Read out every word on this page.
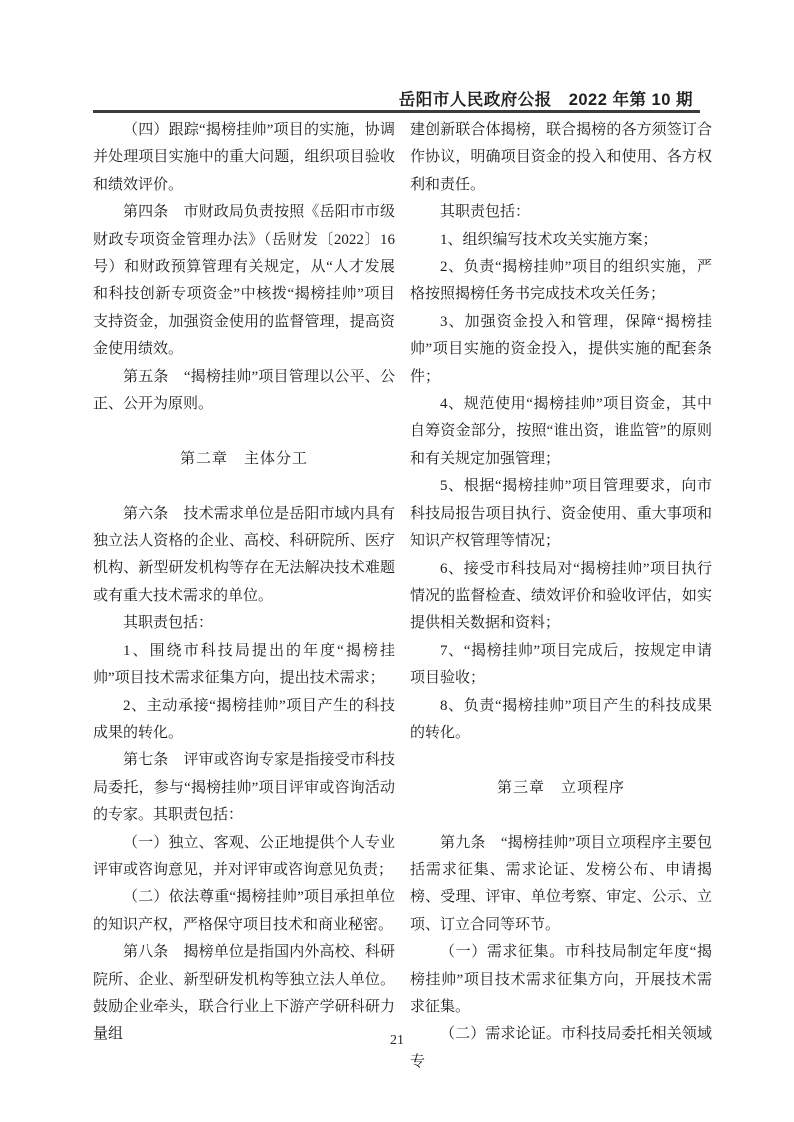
岳阳市人民政府公报　2022 年第 10 期

（四）跟踪“揭榜挂帅”项目的实施，协调并处理项目实施中的重大问题，组织项目验收和绩效评价。

第四条　市财政局负责按照《岳阳市市级财政专项资金管理办法》（岳财发〔2022〕16 号）和财政预算管理有关规定，从“人才发展和科技创新专项资金”中核拨“揭榜挂帅”项目支持资金，加强资金使用的监督管理，提高资金使用绩效。

第五条　“揭榜挂帅”项目管理以公平、公正、公开为原则。

第二章　主体分工

第六条　技术需求单位是岳阳市域内具有独立法人资格的企业、高校、科研院所、医疗机构、新型研发机构等存在无法解决技术难题或有重大技术需求的单位。

其职责包括：

1、围绕市科技局提出的年度“揭榜挂帅”项目技术需求征集方向，提出技术需求；

2、主动承接“揭榜挂帅”项目产生的科技成果的转化。

第七条　评审或咨询专家是指接受市科技局委托，参与“揭榜挂帅”项目评审或咨询活动的专家。其职责包括：

（一）独立、客观、公正地提供个人专业评审或咨询意见，并对评审或咨询意见负责；

（二）依法尊重“揭榜挂帅”项目承担单位的知识产权，严格保守项目技术和商业秘密。

第八条　揭榜单位是指国内外高校、科研院所、企业、新型研发机构等独立法人单位。鼓励企业牵头，联合行业上下游产学研科研力量组

建创新联合体揭榜，联合揭榜的各方须签订合作协议，明确项目资金的投入和使用、各方权利和责任。

其职责包括：

1、组织编写技术攻关实施方案；

2、负责“揭榜挂帅”项目的组织实施，严格按照揭榜任务书完成技术攻关任务；

3、加强资金投入和管理，保障“揭榜挂帅”项目实施的资金投入，提供实施的配套条件；

4、规范使用“揭榜挂帅”项目资金，其中自筹资金部分，按照“谁出资，谁监管”的原则和有关规定加强管理；

5、根据“揭榜挂帅”项目管理要求，向市科技局报告项目执行、资金使用、重大事项和知识产权管理等情况；

6、接受市科技局对“揭榜挂帅”项目执行情况的监督检查、绩效评价和验收评估，如实提供相关数据和资料；

7、“揭榜挂帅”项目完成后，按规定申请项目验收；

8、负责“揭榜挂帅”项目产生的科技成果的转化。

第三章　立项程序

第九条　“揭榜挂帅”项目立项程序主要包括需求征集、需求论证、发榜公布、申请揭榜、受理、评审、单位考察、审定、公示、立项、订立合同等环节。

（一）需求征集。市科技局制定年度“揭榜挂帅”项目技术需求征集方向，开展技术需求征集。

（二）需求论证。市科技局委托相关领域专

21
